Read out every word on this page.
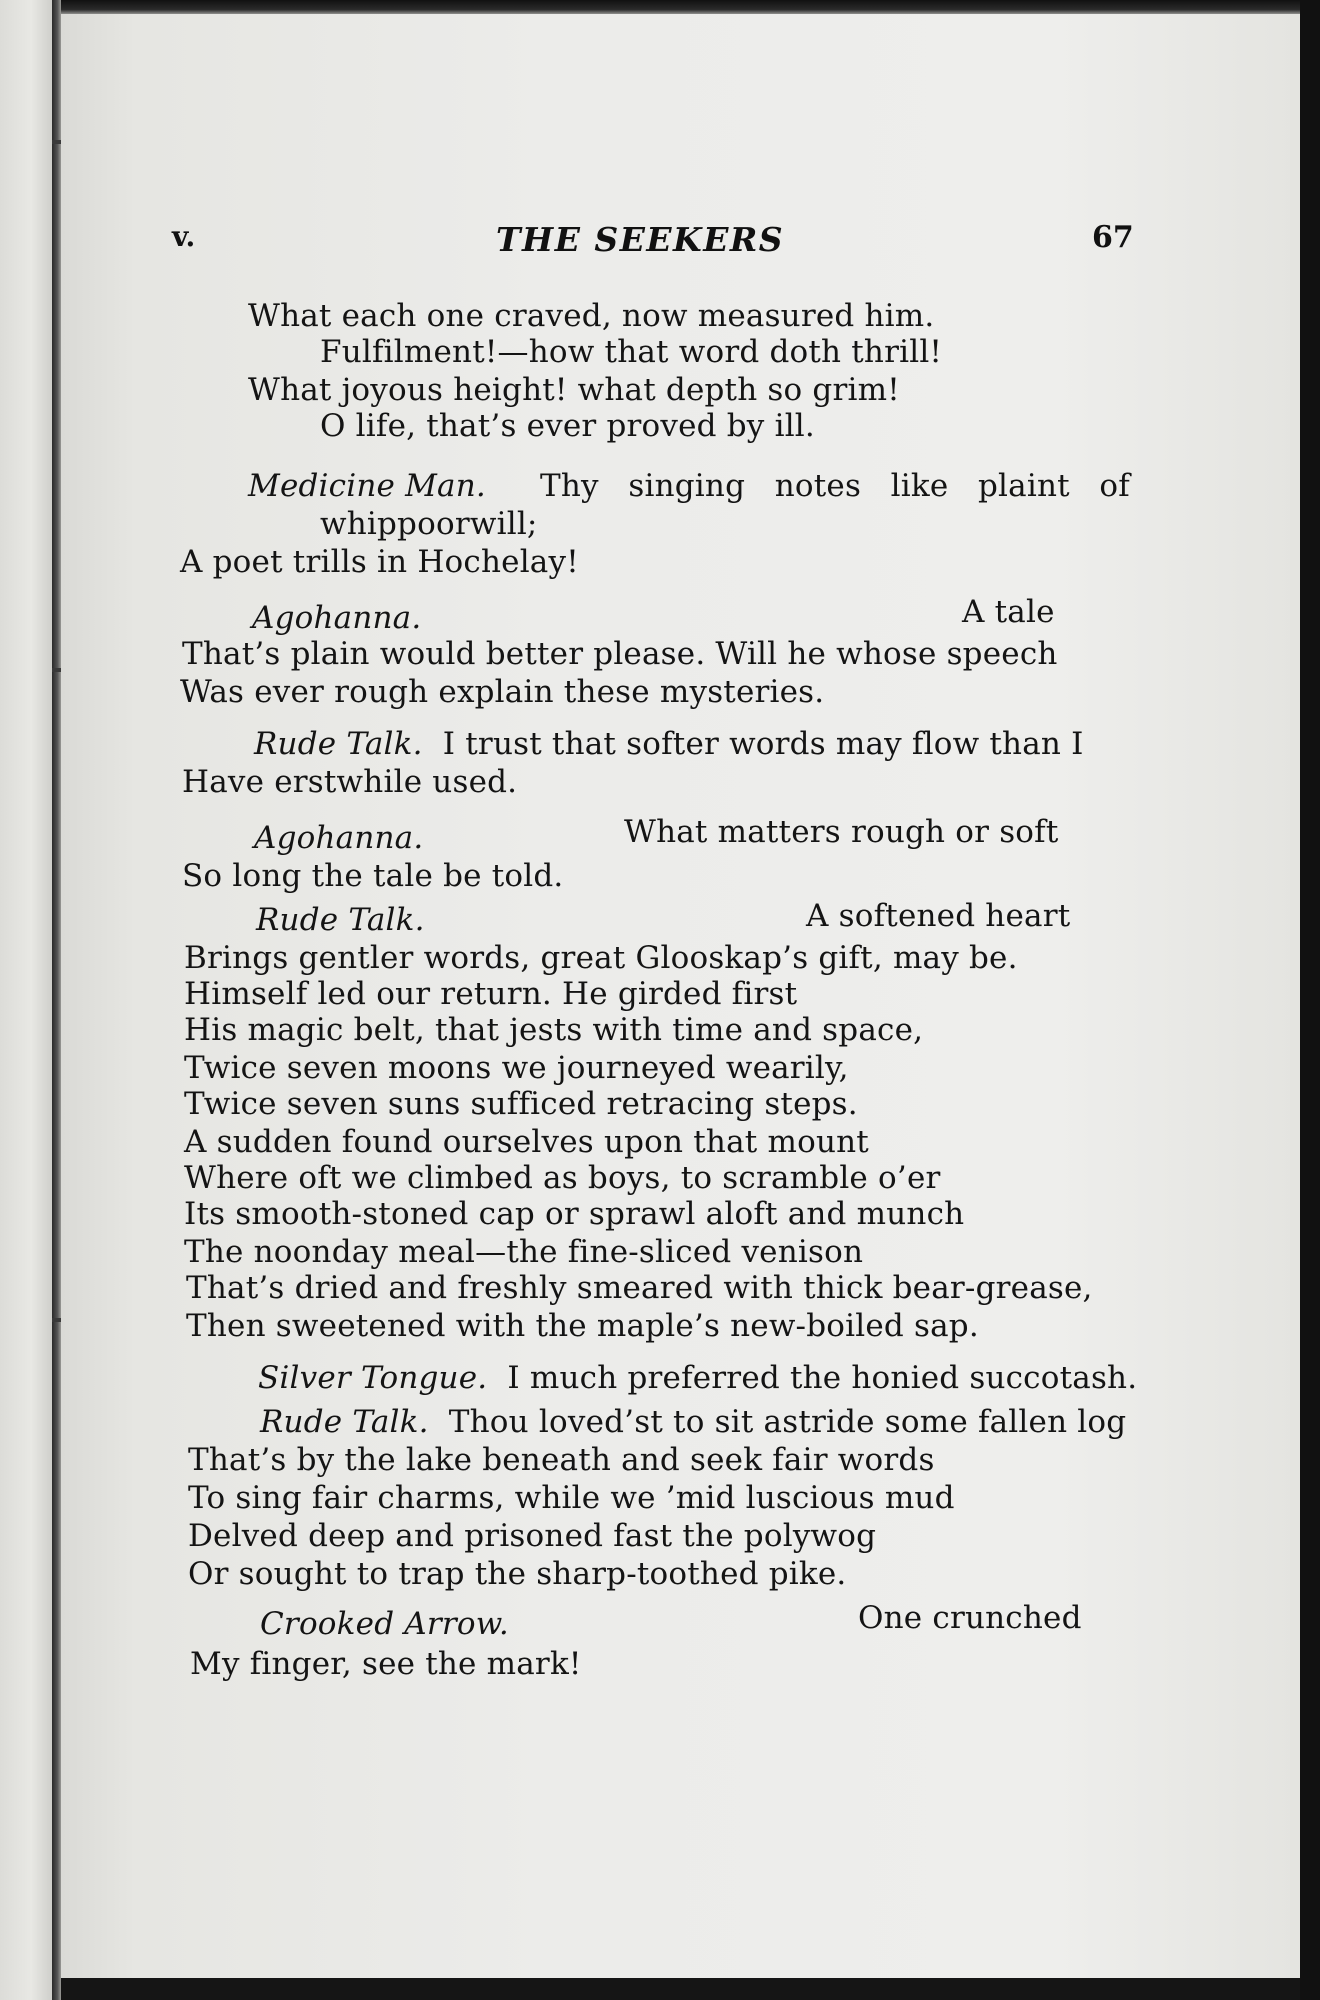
v.	THE SEEKERS	67
What each one craved, now measured him.
Fulfilment!—how that word doth thrill!
What joyous height! what depth so grim!
O life, that’s ever proved by ill.
Medicine Man. Thy singing notes like plaint of
whippoorwill;
A poet trills in Hochelay!
Agohanna.	A tale
That’s plain would better please. Will he whose speech
Was ever rough explain these mysteries.
Rude Talk. I trust that softer words may flow than I
Have erstwhile used.
Agohanna.	What matters rough or soft
So long the tale be told.
Rude Talk.	A softened heart
Brings gentler words, great Glooskap’s gift, may be.
Himself led our return. He girded first
His magic belt, that jests with time and space,
Twice seven moons we journeyed wearily,
Twice seven suns sufficed retracing steps.
A sudden found ourselves upon that mount
Where oft we climbed as boys, to scramble o’er
Its smooth-stoned cap or sprawl aloft and munch
The noonday meal—the fine-sliced venison
That’s dried and freshly smeared with thick bear-grease,
Then sweetened with the maple’s new-boiled sap.
Silver Tongue. I much preferred the honied succotash.
Rude Talk. Thou loved’st to sit astride some fallen log
That’s by the lake beneath and seek fair words
To sing fair charms, while we ’mid luscious mud
Delved deep and prisoned fast the polywog
Or sought to trap the sharp-toothed pike.
Crooked Arrow.	One crunched
My finger, see the mark!
